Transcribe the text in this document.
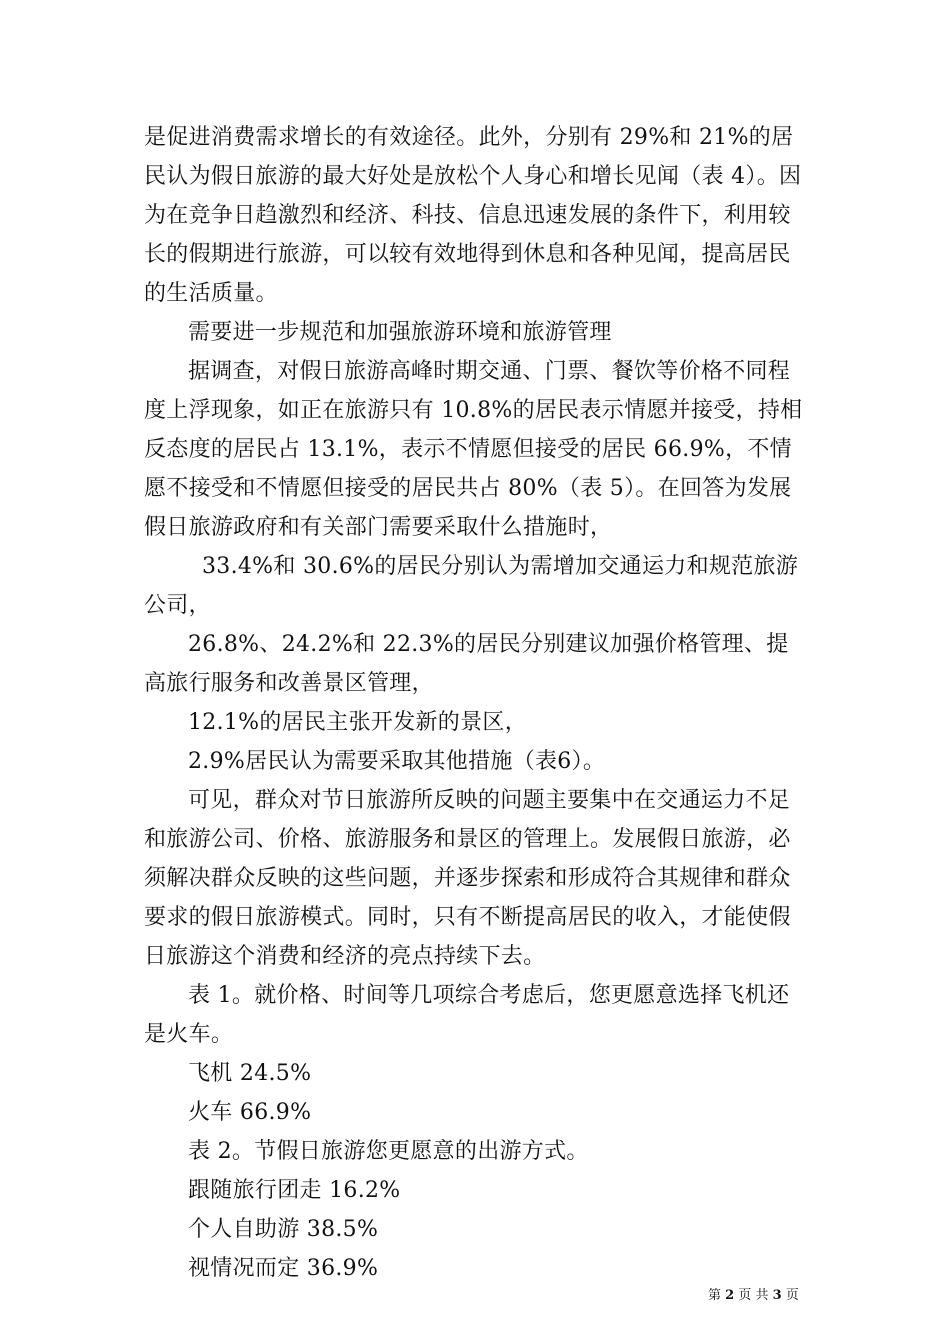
是促进消费需求增长的有效途径。此外，分别有 29%和 21%的居民认为假日旅游的最大好处是放松个人身心和增长见闻（表 4）。因为在竞争日趋激烈和经济、科技、信息迅速发展的条件下，利用较长的假期进行旅游，可以较有效地得到休息和各种见闻，提高居民的生活质量。

需要进一步规范和加强旅游环境和旅游管理

据调查，对假日旅游高峰时期交通、门票、餐饮等价格不同程度上浮现象，如正在旅游只有 10.8%的居民表示情愿并接受，持相反态度的居民占 13.1%，表示不情愿但接受的居民 66.9%，不情愿不接受和不情愿但接受的居民共占 80%（表 5）。在回答为发展假日旅游政府和有关部门需要采取什么措施时，

33.4%和 30.6%的居民分别认为需增加交通运力和规范旅游公司，

26.8%、24.2%和 22.3%的居民分别建议加强价格管理、提高旅行服务和改善景区管理，

12.1%的居民主张开发新的景区，

2.9%居民认为需要采取其他措施（表6）。

可见，群众对节日旅游所反映的问题主要集中在交通运力不足和旅游公司、价格、旅游服务和景区的管理上。发展假日旅游，必须解决群众反映的这些问题，并逐步探索和形成符合其规律和群众要求的假日旅游模式。同时，只有不断提高居民的收入，才能使假日旅游这个消费和经济的亮点持续下去。

表 1。就价格、时间等几项综合考虑后，您更愿意选择飞机还是火车。

飞机 24.5%

火车 66.9%

表 2。节假日旅游您更愿意的出游方式。

跟随旅行团走 16.2%

个人自助游 38.5%

视情况而定 36.9%

第 2 页 共 3 页
